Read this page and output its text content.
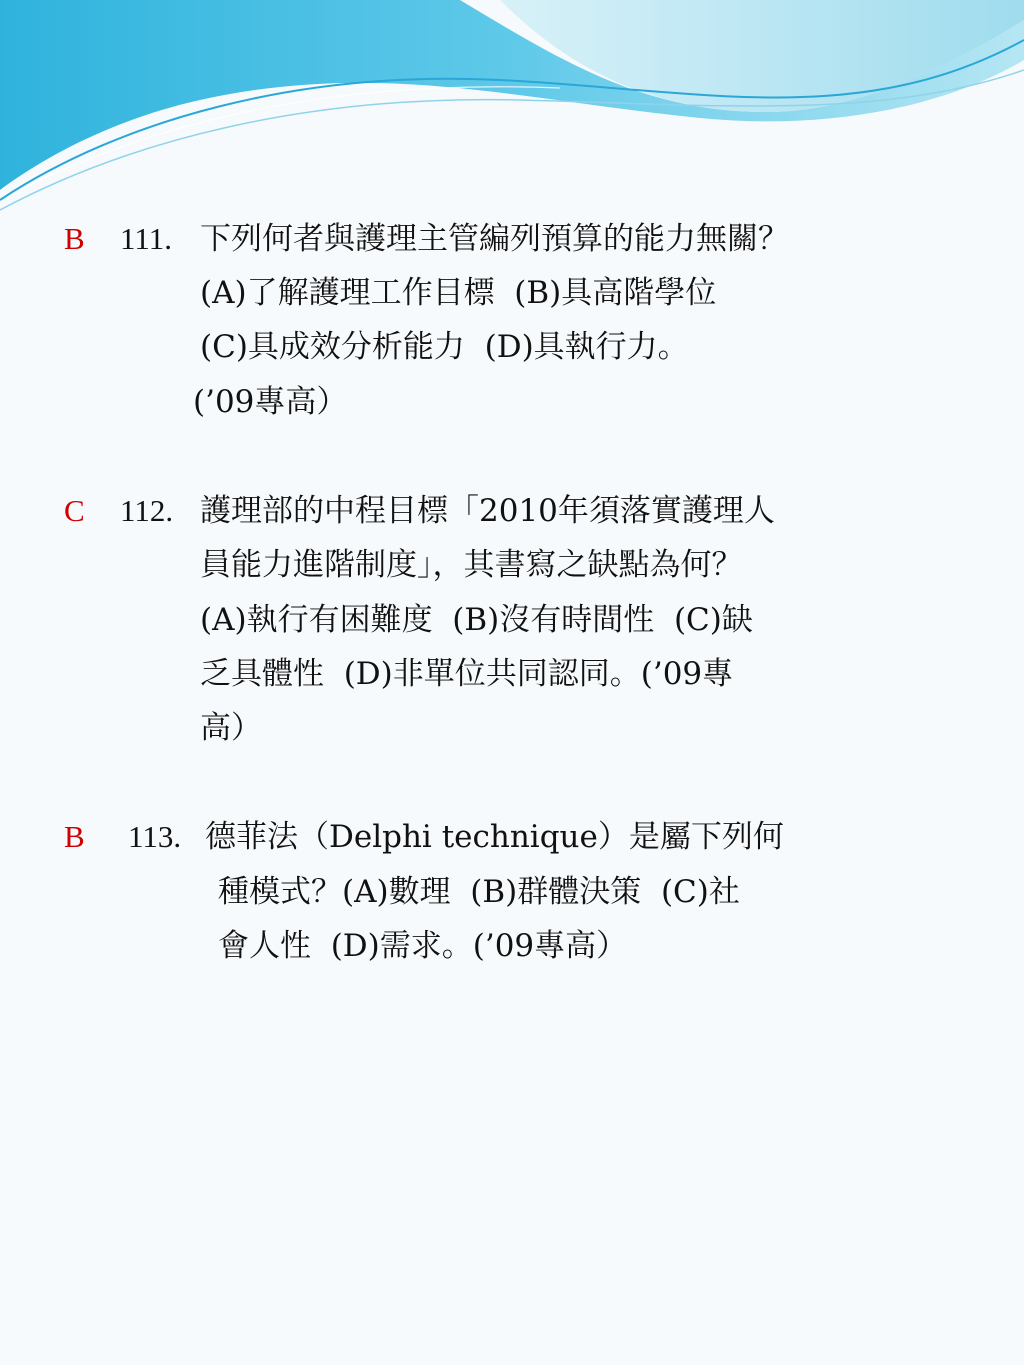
B 111. 下列何者與護理主管編列預算的能力無關？
(A)了解護理工作目標  (B)具高階學位
(C)具成效分析能力  (D)具執行力。
(’09專高）
C 112. 護理部的中程目標「2010年須落實護理人
員能力進階制度」，其書寫之缺點為何？
(A)執行有困難度  (B)沒有時間性  (C)缺
乏具體性  (D)非單位共同認同。(’09專
高）
B 113. 德菲法（Delphi technique）是屬下列何
種模式？(A)數理  (B)群體決策  (C)社
會人性  (D)需求。(’09專高）
